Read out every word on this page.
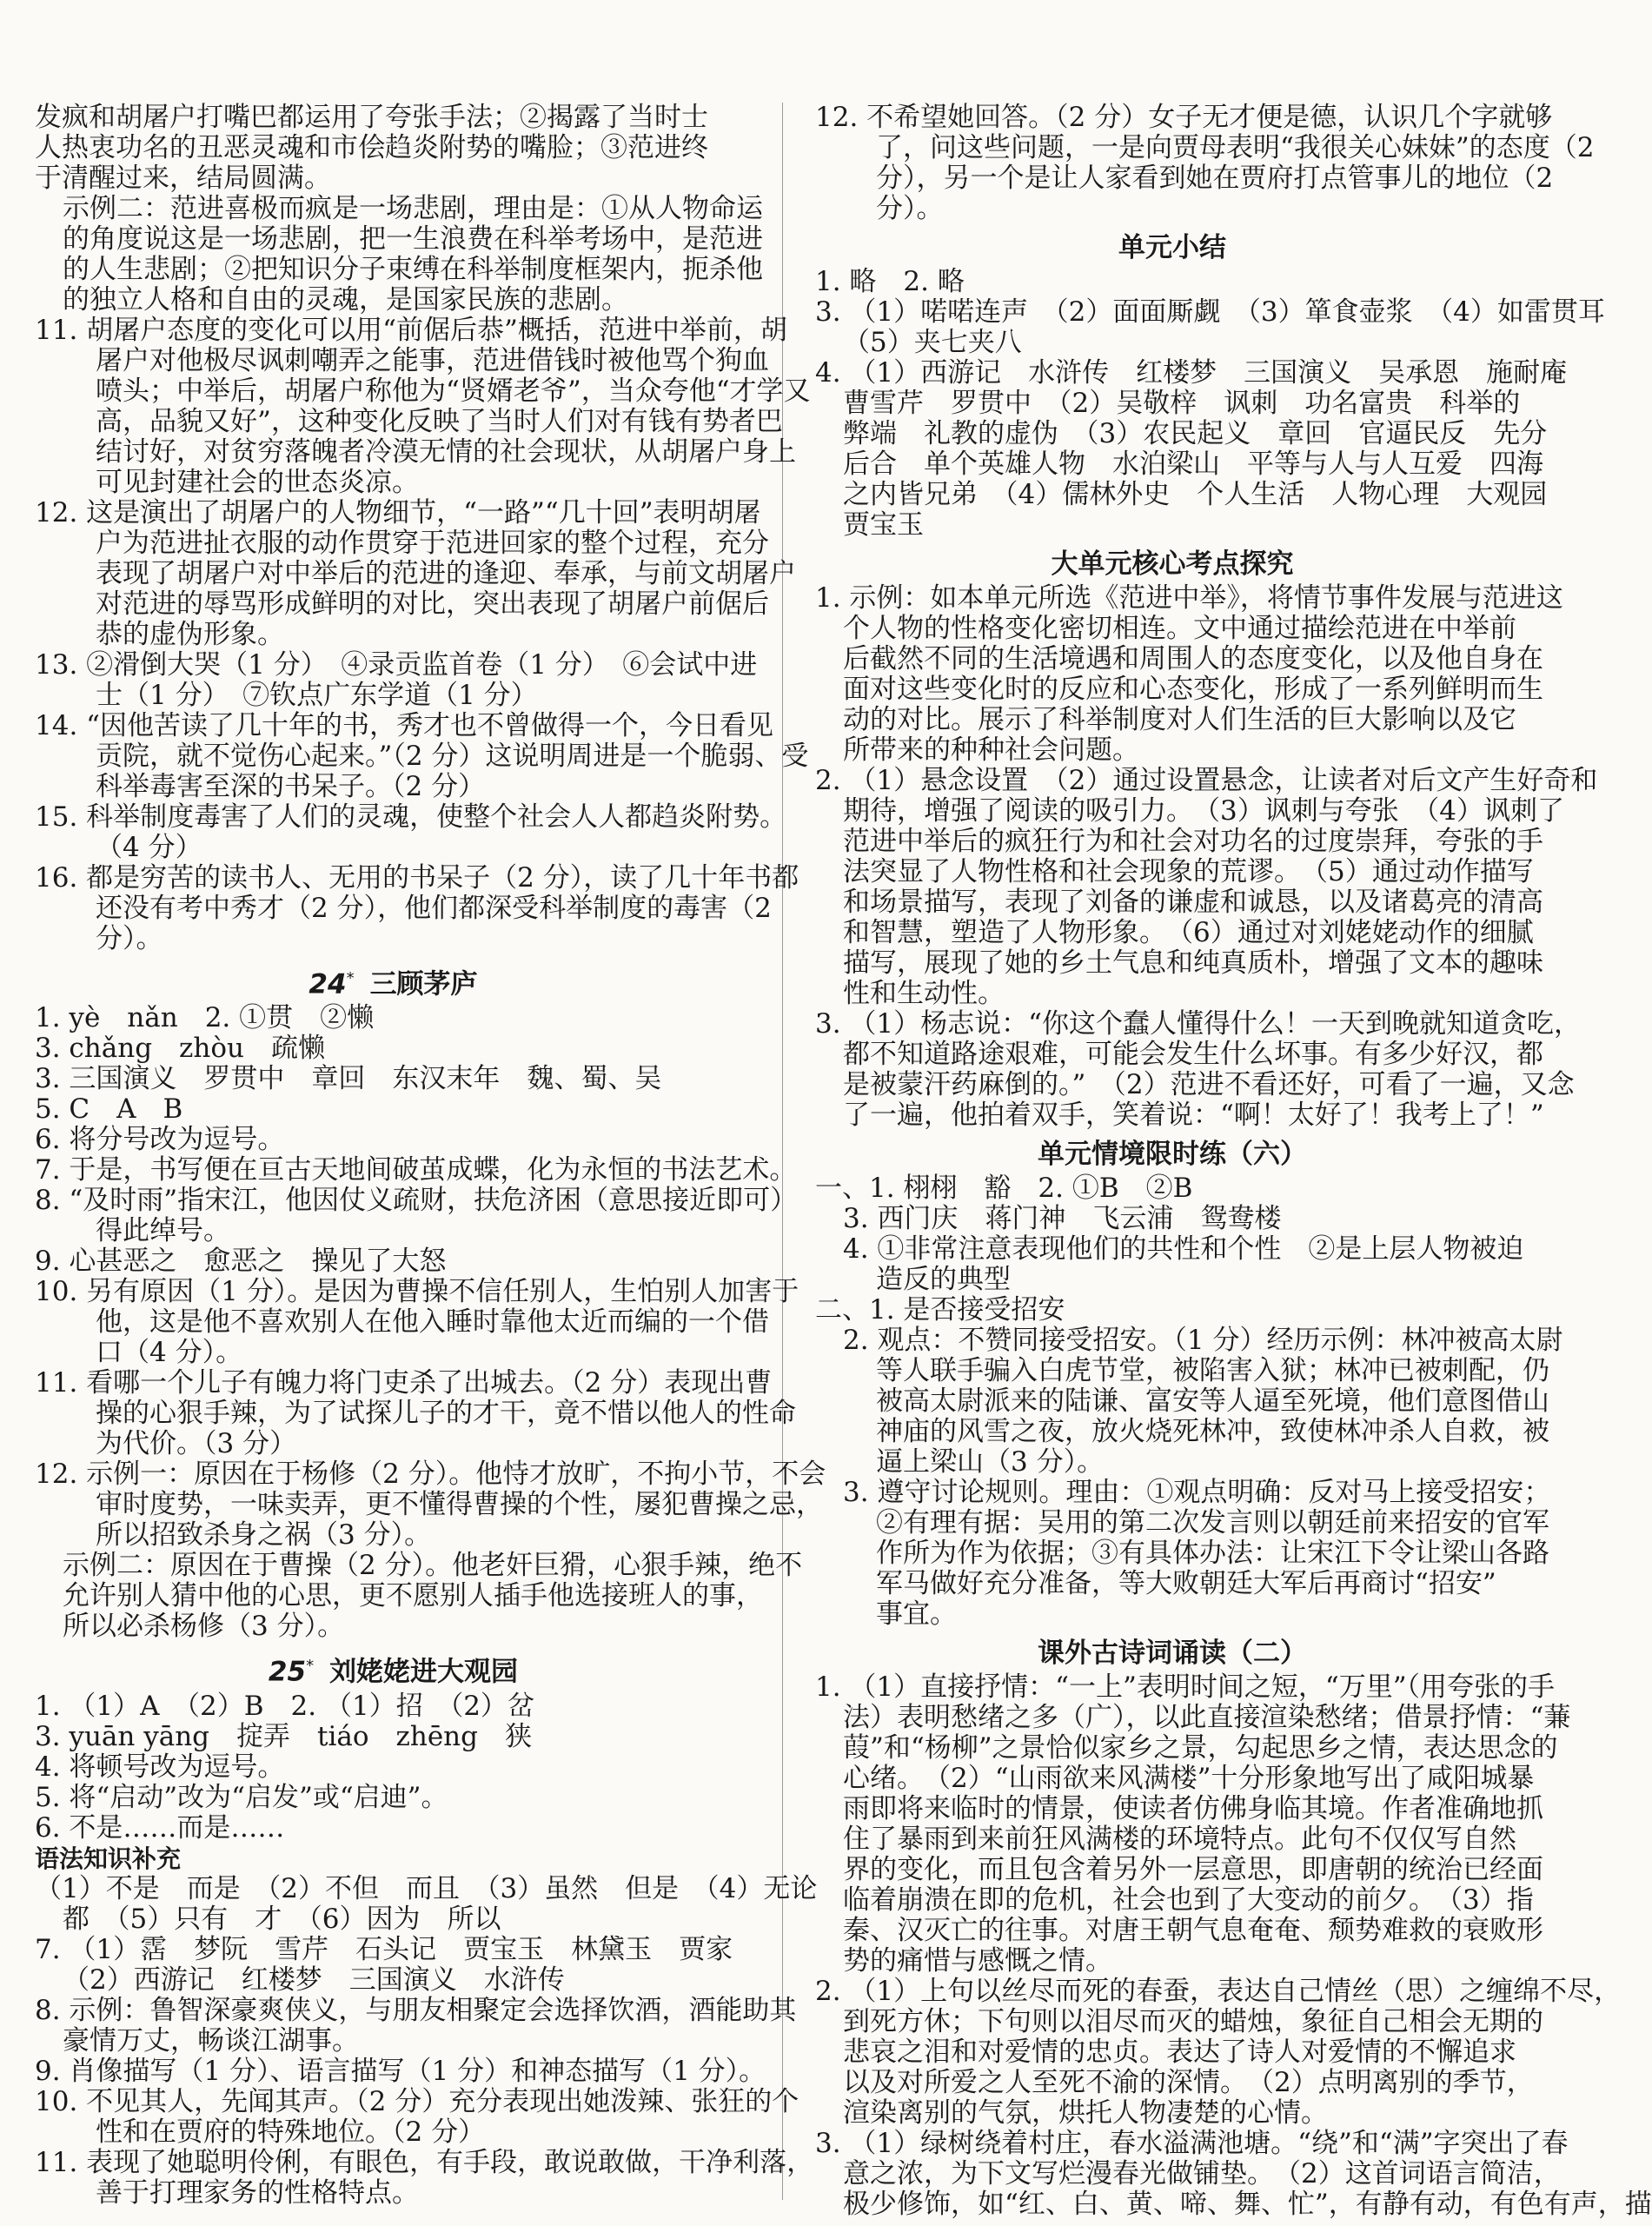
发疯和胡屠户打嘴巴都运用了夸张手法；②揭露了当时士
人热衷功名的丑恶灵魂和市侩趋炎附势的嘴脸；③范进终
于清醒过来，结局圆满。
示例二：范进喜极而疯是一场悲剧，理由是：①从人物命运
的角度说这是一场悲剧，把一生浪费在科举考场中，是范进
的人生悲剧；②把知识分子束缚在科举制度框架内，扼杀他
的独立人格和自由的灵魂，是国家民族的悲剧。
11. 胡屠户态度的变化可以用“前倨后恭”概括，范进中举前，胡
屠户对他极尽讽刺嘲弄之能事，范进借钱时被他骂个狗血
喷头；中举后，胡屠户称他为“贤婿老爷”，当众夸他“才学又
高，品貌又好”，这种变化反映了当时人们对有钱有势者巴
结讨好，对贫穷落魄者冷漠无情的社会现状，从胡屠户身上
可见封建社会的世态炎凉。
12. 这是演出了胡屠户的人物细节，“一路”“几十回”表明胡屠
户为范进扯衣服的动作贯穿于范进回家的整个过程，充分
表现了胡屠户对中举后的范进的逢迎、奉承，与前文胡屠户
对范进的辱骂形成鲜明的对比，突出表现了胡屠户前倨后
恭的虚伪形象。
13. ②滑倒大哭（1 分）　④录贡监首卷（1 分）　⑥会试中进
士（1 分）　⑦钦点广东学道（1 分）
14. “因他苦读了几十年的书，秀才也不曾做得一个，今日看见
贡院，就不觉伤心起来。”（2 分）这说明周进是一个脆弱、受
科举毒害至深的书呆子。（2 分）
15. 科举制度毒害了人们的灵魂，使整个社会人人都趋炎附势。
（4 分）
16. 都是穷苦的读书人、无用的书呆子（2 分），读了几十年书都
还没有考中秀才（2 分），他们都深受科举制度的毒害（2
分）。
24* 三顾茅庐
1. yè　nǎn　2. ①贯　②懒
3. chǎng　zhòu　疏懒
3. 三国演义　罗贯中　章回　东汉末年　魏、蜀、吴
5. C　A　B
6. 将分号改为逗号。
7. 于是，书写便在亘古天地间破茧成蝶，化为永恒的书法艺术。
8. “及时雨”指宋江，他因仗义疏财，扶危济困（意思接近即可）
得此绰号。
9. 心甚恶之　愈恶之　操见了大怒
10. 另有原因（1 分）。是因为曹操不信任别人，生怕别人加害于
他，这是他不喜欢别人在他入睡时靠他太近而编的一个借
口（4 分）。
11. 看哪一个儿子有魄力将门吏杀了出城去。（2 分）表现出曹
操的心狠手辣，为了试探儿子的才干，竟不惜以他人的性命
为代价。（3 分）
12. 示例一：原因在于杨修（2 分）。他恃才放旷，不拘小节，不会
审时度势，一味卖弄，更不懂得曹操的个性，屡犯曹操之忌，
所以招致杀身之祸（3 分）。
示例二：原因在于曹操（2 分）。他老奸巨猾，心狠手辣，绝不
允许别人猜中他的心思，更不愿别人插手他选接班人的事，
所以必杀杨修（3 分）。
25* 刘姥姥进大观园
1. （1）A　（2）B　2. （1）招　（2）岔
3. yuān yāng　掟弄　tiáo　zhēng　狭
4. 将顿号改为逗号。
5. 将“启动”改为“启发”或“启迪”。
6. 不是……而是……
语法知识补充
（1）不是　而是　（2）不但　而且　（3）虽然　但是　（4）无论
都　（5）只有　才　（6）因为　所以
7. （1）霑　梦阮　雪芹　石头记　贾宝玉　林黛玉　贾家
（2）西游记　红楼梦　三国演义　水浒传
8. 示例：鲁智深豪爽侠义，与朋友相聚定会选择饮酒，酒能助其
豪情万丈，畅谈江湖事。
9. 肖像描写（1 分）、语言描写（1 分）和神态描写（1 分）。
10. 不见其人，先闻其声。（2 分）充分表现出她泼辣、张狂的个
性和在贾府的特殊地位。（2 分）
11. 表现了她聪明伶俐，有眼色，有手段，敢说敢做，干净利落，
善于打理家务的性格特点。
12. 不希望她回答。（2 分）女子无才便是德，认识几个字就够
了，问这些问题，一是向贾母表明“我很关心妹妹”的态度（2
分），另一个是让人家看到她在贾府打点管事儿的地位（2
分）。
单元小结
1. 略　2. 略
3. （1）喏喏连声　（2）面面厮觑　（3）箪食壶浆　（4）如雷贯耳
（5）夹七夹八
4. （1）西游记　水浒传　红楼梦　三国演义　吴承恩　施耐庵
曹雪芹　罗贯中　（2）吴敬梓　讽刺　功名富贵　科举的
弊端　礼教的虚伪　（3）农民起义　章回　官逼民反　先分
后合　单个英雄人物　水泊梁山　平等与人与人互爱　四海
之内皆兄弟　（4）儒林外史　个人生活　人物心理　大观园
贾宝玉
大单元核心考点探究
1. 示例：如本单元所选《范进中举》，将情节事件发展与范进这
个人物的性格变化密切相连。文中通过描绘范进在中举前
后截然不同的生活境遇和周围人的态度变化，以及他自身在
面对这些变化时的反应和心态变化，形成了一系列鲜明而生
动的对比。展示了科举制度对人们生活的巨大影响以及它
所带来的种种社会问题。
2. （1）悬念设置　（2）通过设置悬念，让读者对后文产生好奇和
期待，增强了阅读的吸引力。　（3）讽刺与夸张　（4）讽刺了
范进中举后的疯狂行为和社会对功名的过度崇拜，夸张的手
法突显了人物性格和社会现象的荒谬。　（5）通过动作描写
和场景描写，表现了刘备的谦虚和诚恳，以及诸葛亮的清高
和智慧，塑造了人物形象。　（6）通过对刘姥姥动作的细腻
描写，展现了她的乡土气息和纯真质朴，增强了文本的趣味
性和生动性。
3. （1）杨志说：“你这个蠢人懂得什么！一天到晚就知道贪吃，
都不知道路途艰难，可能会发生什么坏事。有多少好汉，都
是被蒙汗药麻倒的。”　（2）范进不看还好，可看了一遍，又念
了一遍，他拍着双手，笑着说：“啊！太好了！我考上了！”
单元情境限时练（六）
一、1. 栩栩　豁　2. ①B　②B
3. 西门庆　蒋门神　飞云浦　鸳鸯楼
4. ①非常注意表现他们的共性和个性　②是上层人物被迫
造反的典型
二、1. 是否接受招安
2. 观点：不赞同接受招安。（1 分）经历示例：林冲被高太尉
等人联手骗入白虎节堂，被陷害入狱；林冲已被刺配，仍
被高太尉派来的陆谦、富安等人逼至死境，他们意图借山
神庙的风雪之夜，放火烧死林冲，致使林冲杀人自救，被
逼上梁山（3 分）。
3. 遵守讨论规则。理由：①观点明确：反对马上接受招安；
②有理有据：吴用的第二次发言则以朝廷前来招安的官军
作所为作为依据；③有具体办法：让宋江下令让梁山各路
军马做好充分准备，等大败朝廷大军后再商讨“招安”
事宜。
课外古诗词诵读（二）
1. （1）直接抒情：“一上”表明时间之短，“万里”（用夸张的手
法）表明愁绪之多（广），以此直接渲染愁绪；借景抒情：“蒹
葭”和“杨柳”之景恰似家乡之景，勾起思乡之情，表达思念的
心绪。　（2）“山雨欲来风满楼”十分形象地写出了咸阳城暴
雨即将来临时的情景，使读者仿佛身临其境。作者准确地抓
住了暴雨到来前狂风满楼的环境特点。此句不仅仅写自然
界的变化，而且包含着另外一层意思，即唐朝的统治已经面
临着崩溃在即的危机，社会也到了大变动的前夕。　（3）指
秦、汉灭亡的往事。对唐王朝气息奄奄、颓势难救的衰败形
势的痛惜与感慨之情。
2. （1）上句以丝尽而死的春蚕，表达自己情丝（思）之缠绵不尽，
到死方休；下句则以泪尽而灭的蜡烛，象征自己相会无期的
悲哀之泪和对爱情的忠贞。表达了诗人对爱情的不懈追求
以及对所爱之人至死不渝的深情。　（2）点明离别的季节，
渲染离别的气氛，烘托人物凄楚的心情。
3. （1）绿树绕着村庄，春水溢满池塘。“绕”和“满”字突出了春
意之浓，为下文写烂漫春光做铺垫。　（2）这首词语言简洁，
极少修饰，如“红、白、黄、啼、舞、忙”，有静有动，有色有声，描
